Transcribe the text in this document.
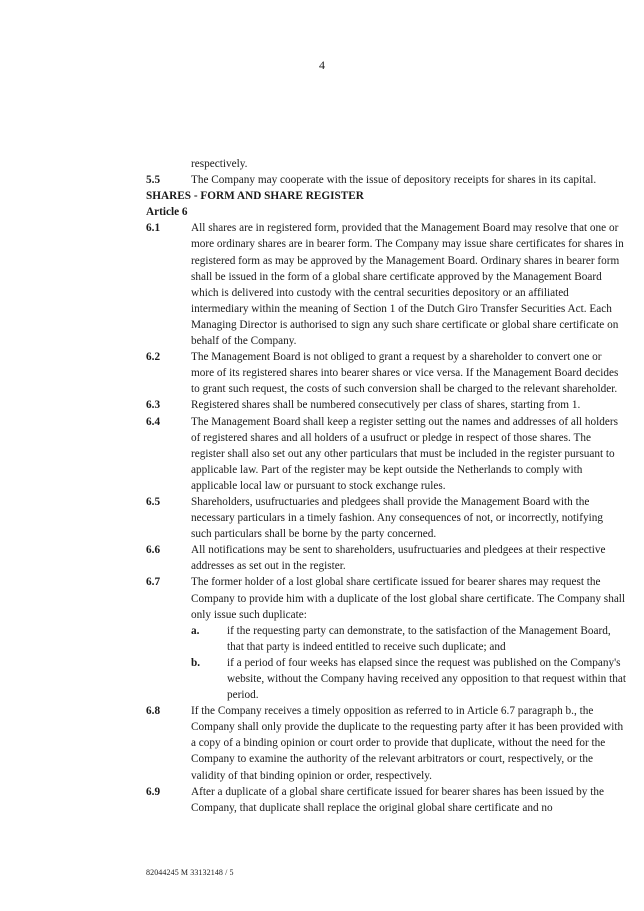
4
respectively.
5.5	The Company may cooperate with the issue of depository receipts for shares in its capital.
SHARES - FORM AND SHARE REGISTER
Article 6
6.1	All shares are in registered form, provided that the Management Board may resolve that one or more ordinary shares are in bearer form. The Company may issue share certificates for shares in registered form as may be approved by the Management Board. Ordinary shares in bearer form shall be issued in the form of a global share certificate approved by the Management Board which is delivered into custody with the central securities depository or an affiliated intermediary within the meaning of Section 1 of the Dutch Giro Transfer Securities Act. Each Managing Director is authorised to sign any such share certificate or global share certificate on behalf of the Company.
6.2	The Management Board is not obliged to grant a request by a shareholder to convert one or more of its registered shares into bearer shares or vice versa. If the Management Board decides to grant such request, the costs of such conversion shall be charged to the relevant shareholder.
6.3	Registered shares shall be numbered consecutively per class of shares, starting from 1.
6.4	The Management Board shall keep a register setting out the names and addresses of all holders of registered shares and all holders of a usufruct or pledge in respect of those shares. The register shall also set out any other particulars that must be included in the register pursuant to applicable law. Part of the register may be kept outside the Netherlands to comply with applicable local law or pursuant to stock exchange rules.
6.5	Shareholders, usufructuaries and pledgees shall provide the Management Board with the necessary particulars in a timely fashion. Any consequences of not, or incorrectly, notifying such particulars shall be borne by the party concerned.
6.6	All notifications may be sent to shareholders, usufructuaries and pledgees at their respective addresses as set out in the register.
6.7	The former holder of a lost global share certificate issued for bearer shares may request the Company to provide him with a duplicate of the lost global share certificate. The Company shall only issue such duplicate:
a.	if the requesting party can demonstrate, to the satisfaction of the Management Board, that that party is indeed entitled to receive such duplicate; and
b.	if a period of four weeks has elapsed since the request was published on the Company's website, without the Company having received any opposition to that request within that period.
6.8	If the Company receives a timely opposition as referred to in Article 6.7 paragraph b., the Company shall only provide the duplicate to the requesting party after it has been provided with a copy of a binding opinion or court order to provide that duplicate, without the need for the Company to examine the authority of the relevant arbitrators or court, respectively, or the validity of that binding opinion or order, respectively.
6.9	After a duplicate of a global share certificate issued for bearer shares has been issued by the Company, that duplicate shall replace the original global share certificate and no
82044245 M 33132148 / 5
